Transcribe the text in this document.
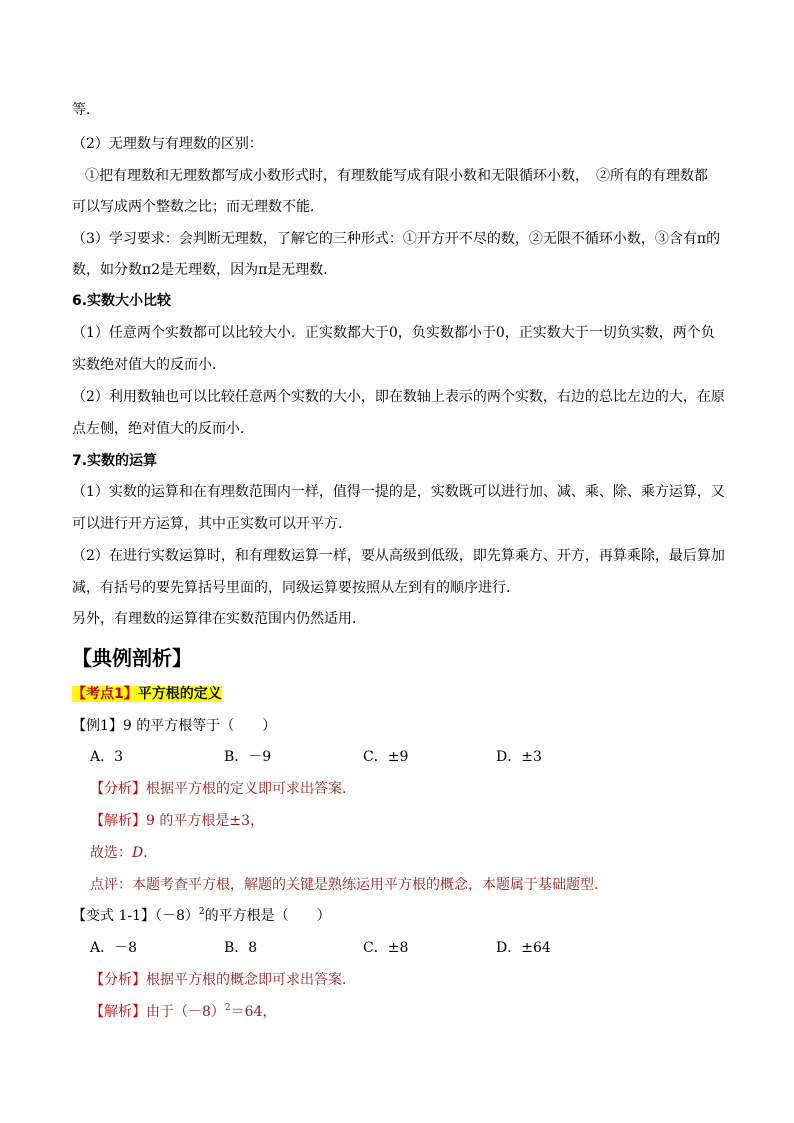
等．
（2）无理数与有理数的区别：
①把有理数和无理数都写成小数形式时，有理数能写成有限小数和无限循环小数，　②所有的有理数都
可以写成两个整数之比；而无理数不能．
（3）学习要求：会判断无理数，了解它的三种形式：①开方开不尽的数，②无限不循环小数，③含有π的
数，如分数π2是无理数，因为π是无理数．
6.实数大小比较
（1）任意两个实数都可以比较大小．正实数都大于0，负实数都小于0，正实数大于一切负实数，两个负
实数绝对值大的反而小．
（2）利用数轴也可以比较任意两个实数的大小，即在数轴上表示的两个实数，右边的总比左边的大，在原
点左侧，绝对值大的反而小．
7.实数的运算
（1）实数的运算和在有理数范围内一样，值得一提的是，实数既可以进行加、减、乘、除、乘方运算，又
可以进行开方运算，其中正实数可以开平方．
（2）在进行实数运算时，和有理数运算一样，要从高级到低级，即先算乘方、开方，再算乘除，最后算加
减，有括号的要先算括号里面的，同级运算要按照从左到有的顺序进行．
另外，有理数的运算律在实数范围内仍然适用．
【典例剖析】
【考点1】平方根的定义
【例1】9 的平方根等于（　　）
A．3	B．－9	C．±9	D．±3
【分析】根据平方根的定义即可求出答案．
【解析】9 的平方根是±3，
故选：D．
点评：本题考查平方根，解题的关键是熟练运用平方根的概念，本题属于基础题型．
【变式 1-1】$(-8)^2$的平方根是（　　）
A．－8	B．8	C．±8	D．±64
【分析】根据平方根的概念即可求出答案．
【解析】由于$(-8)^2=64$，
